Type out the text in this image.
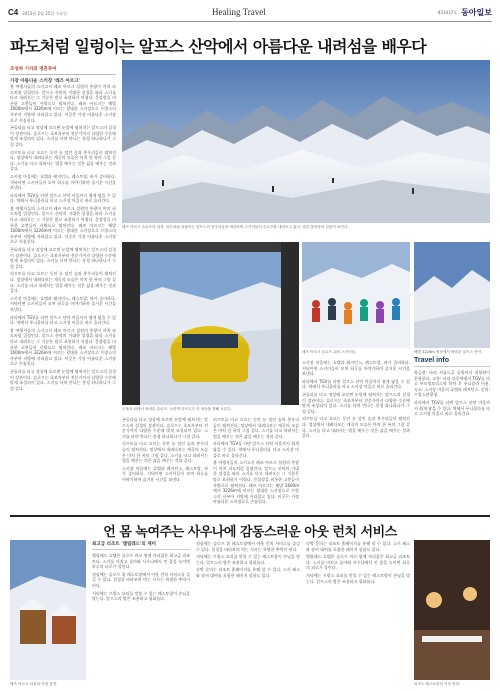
C4 2015년 2월 25일 수요일	Healing Travel	제23437호 동아일보
파도처럼 일렁이는 알프스 산악에서 아름다운 내려섬을 배우다
조성하 기자의 영혼투어
가장 아름다운 스키장 '레즈 아르크'

봄 여행자들의 스키고지 레즈 아르크 설원의 풍광이 마치 파도처럼 일렁인다. 알프스 산악의 거대한 설경을 따라 스키를 타고 내려오는 그 기분은 말로 표현하기 어렵다. 몽블랑을 비롯한 고봉들이 사방으로 펼쳐진다. 레즈 아르크는 해발 1600m에서 3226m에 이르는 광대한 스키장으로 프랑스의 사부아 지방에 자리잡고 있다. 이곳은 가장 아름다운 스키장으로 손꼽힌다.

곤돌라를 타고 정상에 오르면 눈앞에 펼쳐지는 알프스의 설경이 장관이다. 슬로프는 초보자부터 전문가까지 다양한 수준에 맞게 조성되어 있다. 스키를 타며 만나는 풍경 하나하나가 그림 같다.

리프트를 타고 오르는 동안 눈 덮인 숲과 봉우리들이 펼쳐진다. 정상에서 내려다보는 계곡의 모습은 마치 한 폭의 그림 같다. 스키를 타고 내려서는 법을 배우는 것은 삶을 배우는 것과 같다.

스키장 마을에는 호텔과 레지던스, 레스토랑, 바가 즐비하다. 저녁이면 스키어들이 모여 하루를 이야기하며 즐거운 시간을 보낸다.

파리에서 TGV를 타면 알프스 산악 마을까지 쉽게 닿을 수 있다. 역에서 푸니쿨라를 타고 스키장 마을로 바로 올라간다.

봄 여행자들의 스키고지 레즈 아르크 설원의 풍광이 마치 파도처럼 일렁인다. 알프스 산악의 거대한 설경을 따라 스키를 타고 내려오는 그 기분은 말로 표현하기 어렵다. 몽블랑을 비롯한 고봉들이 사방으로 펼쳐진다. 레즈 아르크는 해발 1600m에서 3226m에 이르는 광대한 스키장으로 프랑스의 사부아 지방에 자리잡고 있다. 이곳은 가장 아름다운 스키장으로 손꼽힌다.

곤돌라를 타고 정상에 오르면 눈앞에 펼쳐지는 알프스의 설경이 장관이다. 슬로프는 초보자부터 전문가까지 다양한 수준에 맞게 조성되어 있다. 스키를 타며 만나는 풍경 하나하나가 그림 같다.

리프트를 타고 오르는 동안 눈 덮인 숲과 봉우리들이 펼쳐진다. 정상에서 내려다보는 계곡의 모습은 마치 한 폭의 그림 같다. 스키를 타고 내려서는 법을 배우는 것은 삶을 배우는 것과 같다.

스키장 마을에는 호텔과 레지던스, 레스토랑, 바가 즐비하다. 저녁이면 스키어들이 모여 하루를 이야기하며 즐거운 시간을 보낸다.

파리에서 TGV를 타면 알프스 산악 마을까지 쉽게 닿을 수 있다. 역에서 푸니쿨라를 타고 스키장 마을로 바로 올라간다.

봄 여행자들의 스키고지 레즈 아르크 설원의 풍광이 마치 파도처럼 일렁인다. 알프스 산악의 거대한 설경을 따라 스키를 타고 내려오는 그 기분은 말로 표현하기 어렵다. 몽블랑을 비롯한 고봉들이 사방으로 펼쳐진다. 레즈 아르크는 해발 1600m에서 3226m에 이르는 광대한 스키장으로 프랑스의 사부아 지방에 자리잡고 있다. 이곳은 가장 아름다운 스키장으로 손꼽힌다.

곤돌라를 타고 정상에 오르면 눈앞에 펼쳐지는 알프스의 설경이 장관이다. 슬로프는 초보자부터 전문가까지 다양한 수준에 맞게 조성되어 있다. 스키를 타며 만나는 풍경 하나하나가 그림 같다.

레즈 아르크 슬로프의 설경. 파도처럼 일렁이는 알프스의 봉우리들을 바라보며 스키어들이 슬로프를 내려오고 있다. 멀리 몽블랑의 설봉이 보인다.
곤돌라 위에서 바라본 슬로프. 노란색 리프트가 산 정상을 향해 오른다.
레즈 아르크 슬로프 위의 스키어들.	해발 3226m 정상에서 바라본 알프스 산악.

곤돌라를 타고 정상에 오르면 눈앞에 펼쳐지는 알프스의 설경이 장관이다. 슬로프는 초보자부터 전문가까지 다양한 수준에 맞게 조성되어 있다. 스키를 타며 만나는 풍경 하나하나가 그림 같다.

리프트를 타고 오르는 동안 눈 덮인 숲과 봉우리들이 펼쳐진다. 정상에서 내려다보는 계곡의 모습은 마치 한 폭의 그림 같다. 스키를 타고 내려서는 법을 배우는 것은 삶을 배우는 것과 같다.

스키장 마을에는 호텔과 레지던스, 레스토랑, 바가 즐비하다. 저녁이면 스키어들이 모여 하루를 이야기하며 즐거운 시간을 보낸다.

리프트를 타고 오르는 동안 눈 덮인 숲과 봉우리들이 펼쳐진다. 정상에서 내려다보는 계곡의 모습은 마치 한 폭의 그림 같다. 스키를 타고 내려서는 법을 배우는 것은 삶을 배우는 것과 같다.

파리에서 TGV를 타면 알프스 산악 마을까지 쉽게 닿을 수 있다. 역에서 푸니쿨라를 타고 스키장 마을로 바로 올라간다.

봄 여행자들의 스키고지 레즈 아르크 설원의 풍광이 마치 파도처럼 일렁인다. 알프스 산악의 거대한 설경을 따라 스키를 타고 내려오는 그 기분은 말로 표현하기 어렵다. 몽블랑을 비롯한 고봉들이 사방으로 펼쳐진다. 레즈 아르크는 해발 1600m에서 3226m에 이르는 광대한 스키장으로 프랑스의 사부아 지방에 자리잡고 있다. 이곳은 가장 아름다운 스키장으로 손꼽힌다.

스키장 마을에는 호텔과 레지던스, 레스토랑, 바가 즐비하다. 저녁이면 스키어들이 모여 하루를 이야기하며 즐거운 시간을 보낸다.

파리에서 TGV를 타면 알프스 산악 마을까지 쉽게 닿을 수 있다. 역에서 푸니쿨라를 타고 스키장 마을로 바로 올라간다.

곤돌라를 타고 정상에 오르면 눈앞에 펼쳐지는 알프스의 설경이 장관이다. 슬로프는 초보자부터 전문가까지 다양한 수준에 맞게 조성되어 있다. 스키를 타며 만나는 풍경 하나하나가 그림 같다.

리프트를 타고 오르는 동안 눈 덮인 숲과 봉우리들이 펼쳐진다. 정상에서 내려다보는 계곡의 모습은 마치 한 폭의 그림 같다. 스키를 타고 내려서는 법을 배우는 것은 삶을 배우는 것과 같다.

Travel info

항공편: 파리 샤를드골 공항까지 직항편이 운항한다. 교통: 파리 리옹역에서 TGV를 타고 부르생모리스역 하차 후 푸니쿨라 이용. 숙소: 스키장 마을의 호텔과 레지던스. 문의: 프랑스관광청.

파리에서 TGV를 타면 알프스 산악 마을까지 쉽게 닿을 수 있다. 역에서 푸니쿨라를 타고 스키장 마을로 바로 올라간다.

언 몸 녹여주는 사우나에 감동스러운 아웃 런치 서비스
레즈 아르크 마을의 아침 풍경.
최고급 리조트 '엘립레드'의 재미

엘립레드 호텔은 슬로프 바로 옆에 자리잡은 최고급 리조트다. 스키를 마치고 돌아와 사우나에서 언 몸을 녹이면 하루의 피로가 풀린다.

점심에는 슬로프 위 레스토랑에서 아웃 런치 서비스를 즐길 수 있다. 설경을 바라보며 먹는 식사는 특별한 추억이 된다.

저녁에는 프랑스 요리를 맛볼 수 있는 레스토랑이 손님을 맞는다. 알프스의 밤은 조용하고 평화롭다.

점심에는 슬로프 위 레스토랑에서 아웃 런치 서비스를 즐길 수 있다. 설경을 바라보며 먹는 식사는 특별한 추억이 된다.

저녁에는 프랑스 요리를 맛볼 수 있는 레스토랑이 손님을 맞는다. 알프스의 밤은 조용하고 평화롭다.

숙박 문의는 리조트 홈페이지를 통해 할 수 있다. 스키 패스와 장비 대여를 포함한 패키지 상품도 있다.

숙박 문의는 리조트 홈페이지를 통해 할 수 있다. 스키 패스와 장비 대여를 포함한 패키지 상품도 있다.

엘립레드 호텔은 슬로프 바로 옆에 자리잡은 최고급 리조트다. 스키를 마치고 돌아와 사우나에서 언 몸을 녹이면 하루의 피로가 풀린다.

저녁에는 프랑스 요리를 맛볼 수 있는 레스토랑이 손님을 맞는다. 알프스의 밤은 조용하고 평화롭다.

리조트 레스토랑의 저녁 만찬.
